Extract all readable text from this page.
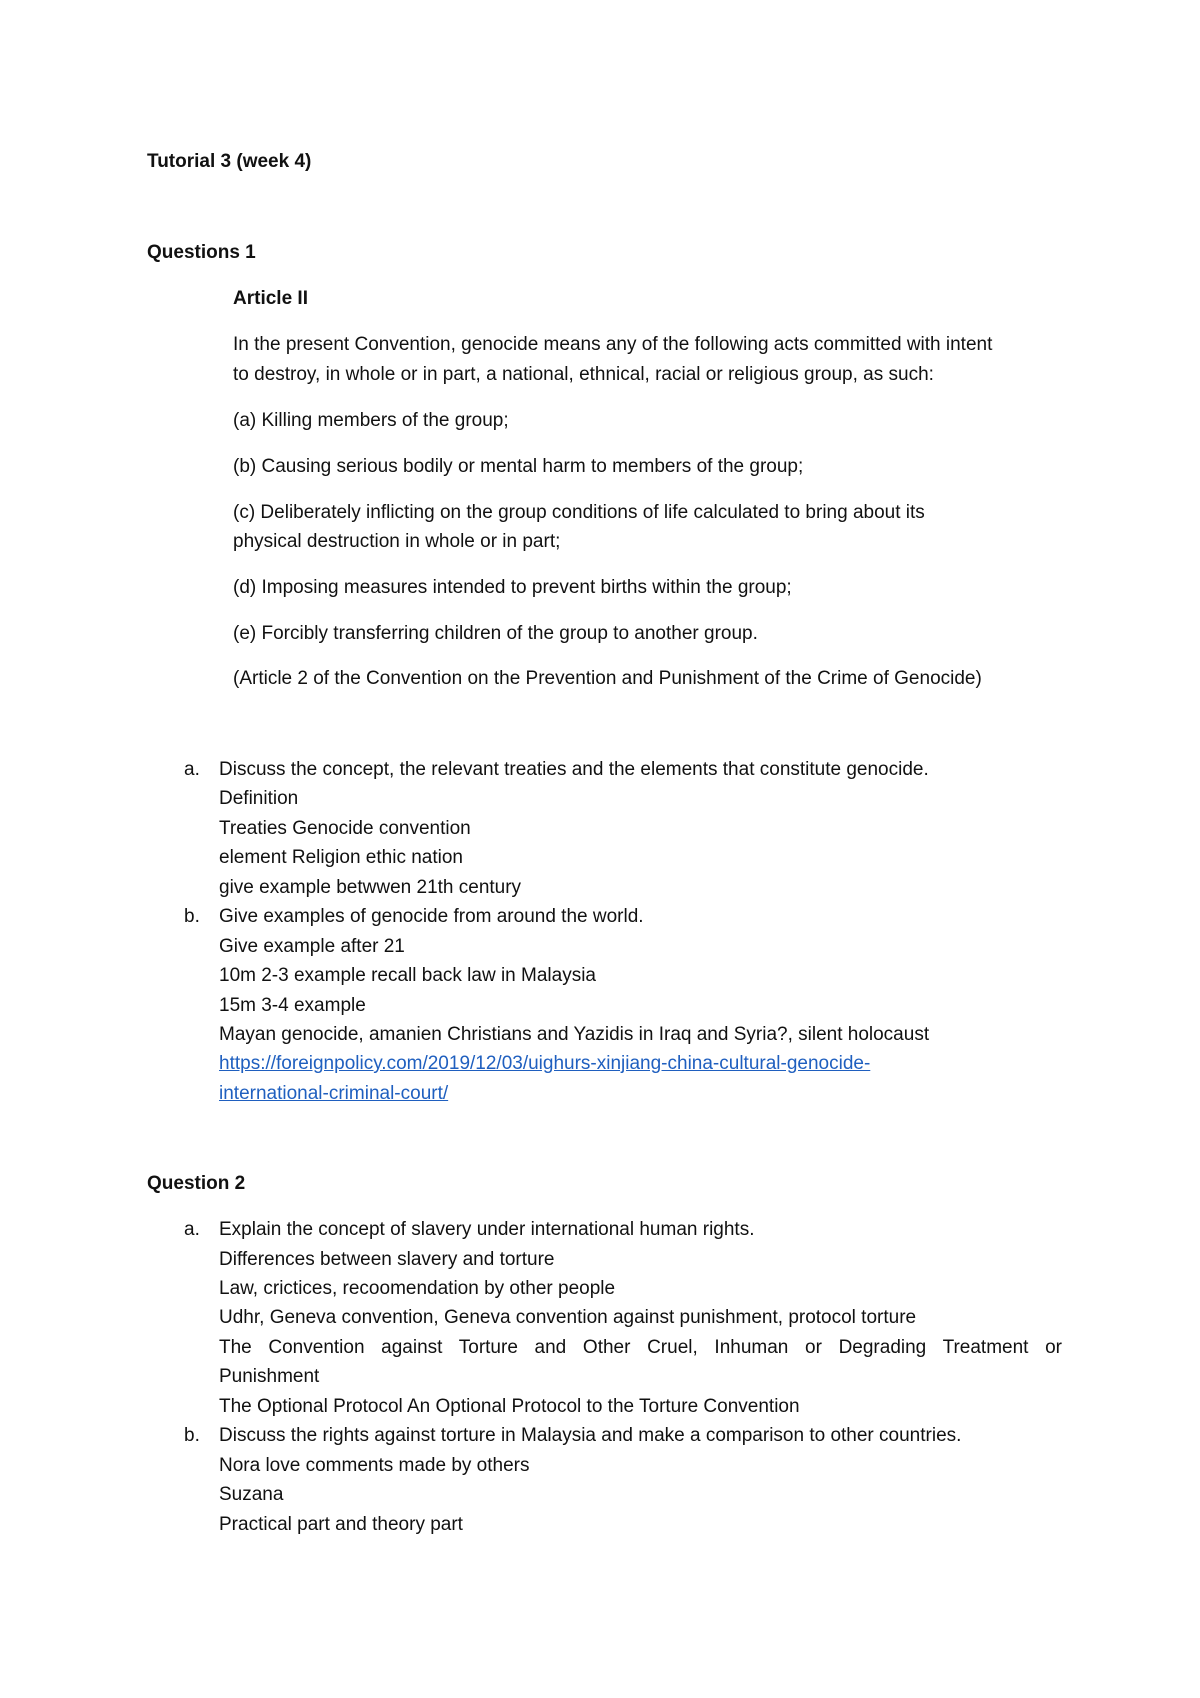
Tutorial 3 (week 4)
Questions 1
Article II
In the present Convention, genocide means any of the following acts committed with intent
to destroy, in whole or in part, a national, ethnical, racial or religious group, as such:
(a) Killing members of the group;
(b) Causing serious bodily or mental harm to members of the group;
(c) Deliberately inflicting on the group conditions of life calculated to bring about its
physical destruction in whole or in part;
(d) Imposing measures intended to prevent births within the group;
(e) Forcibly transferring children of the group to another group.
(Article 2 of the Convention on the Prevention and Punishment of the Crime of Genocide)
a. Discuss the concept, the relevant treaties and the elements that constitute genocide.
Definition
Treaties Genocide convention
element Religion ethic nation
give example betwwen 21th century
b. Give examples of genocide from around the world.
Give example after 21
10m 2-3 example recall back law in Malaysia
15m 3-4 example
Mayan genocide, amanien Christians and Yazidis in Iraq and Syria?, silent holocaust
https://foreignpolicy.com/2019/12/03/uighurs-xinjiang-china-cultural-genocide-
international-criminal-court/
Question 2
a. Explain the concept of slavery under international human rights.
Differences between slavery and torture
Law, crictices, recoomendation by other people
Udhr, Geneva convention, Geneva convention against punishment, protocol torture
The Convention against Torture and Other Cruel, Inhuman or Degrading Treatment or
Punishment
The Optional Protocol An Optional Protocol to the Torture Convention
b. Discuss the rights against torture in Malaysia and make a comparison to other countries.
Nora love comments made by others
Suzana
Practical part and theory part
